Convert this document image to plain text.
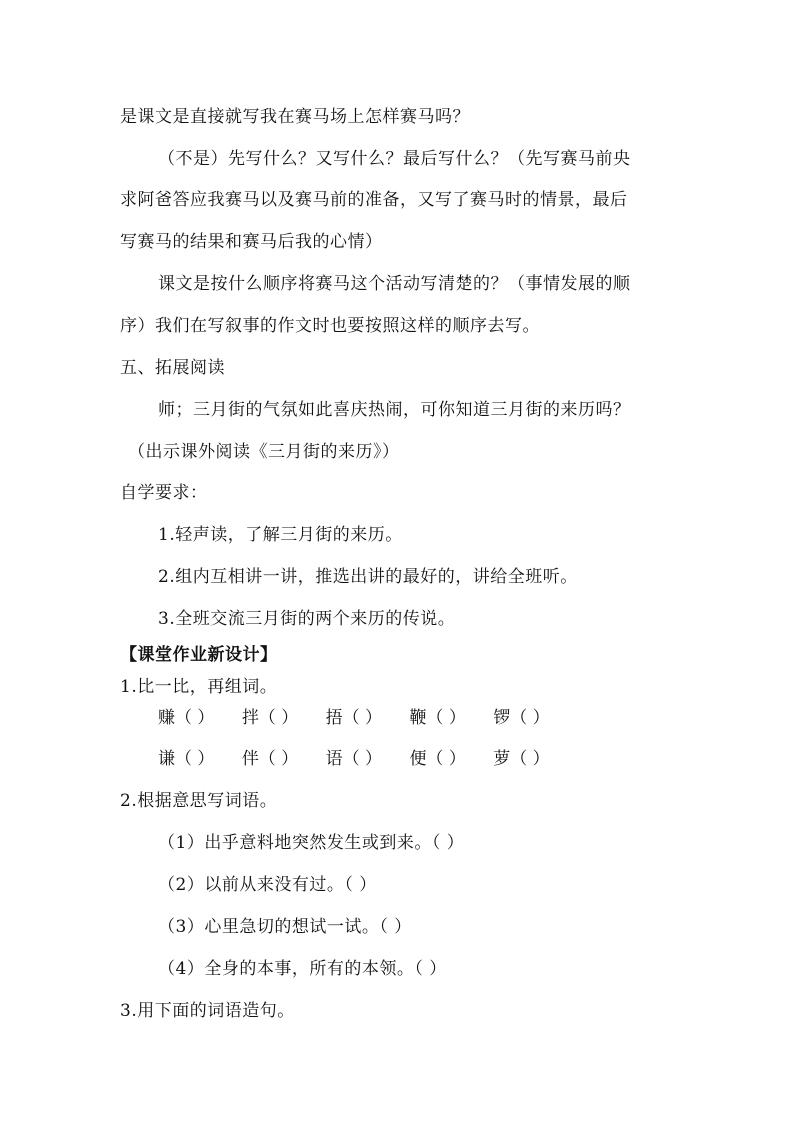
是课文是直接就写我在赛马场上怎样赛马吗？
（不是）先写什么？又写什么？最后写什么？（先写赛马前央
求阿爸答应我赛马以及赛马前的准备，又写了赛马时的情景，最后
写赛马的结果和赛马后我的心情）
课文是按什么顺序将赛马这个活动写清楚的？（事情发展的顺
序）我们在写叙事的作文时也要按照这样的顺序去写。
五、拓展阅读
师；三月街的气氛如此喜庆热闹，可你知道三月街的来历吗？
（出示课外阅读《三月街的来历》）
自学要求：
1.轻声读，了解三月街的来历。
2.组内互相讲一讲，推选出讲的最好的，讲给全班听。
3.全班交流三月街的两个来历的传说。
【课堂作业新设计】
1.比一比，再组词。
赚（ ） 拌（ ） 捂（ ） 鞭（ ） 锣（ ）
谦（ ） 伴（ ） 语（ ） 便（ ） 萝（ ）
2.根据意思写词语。
（1）出乎意料地突然发生或到来。（ ）
（2）以前从来没有过。（ ）
（3）心里急切的想试一试。（ ）
（4）全身的本事，所有的本领。（ ）
3.用下面的词语造句。
